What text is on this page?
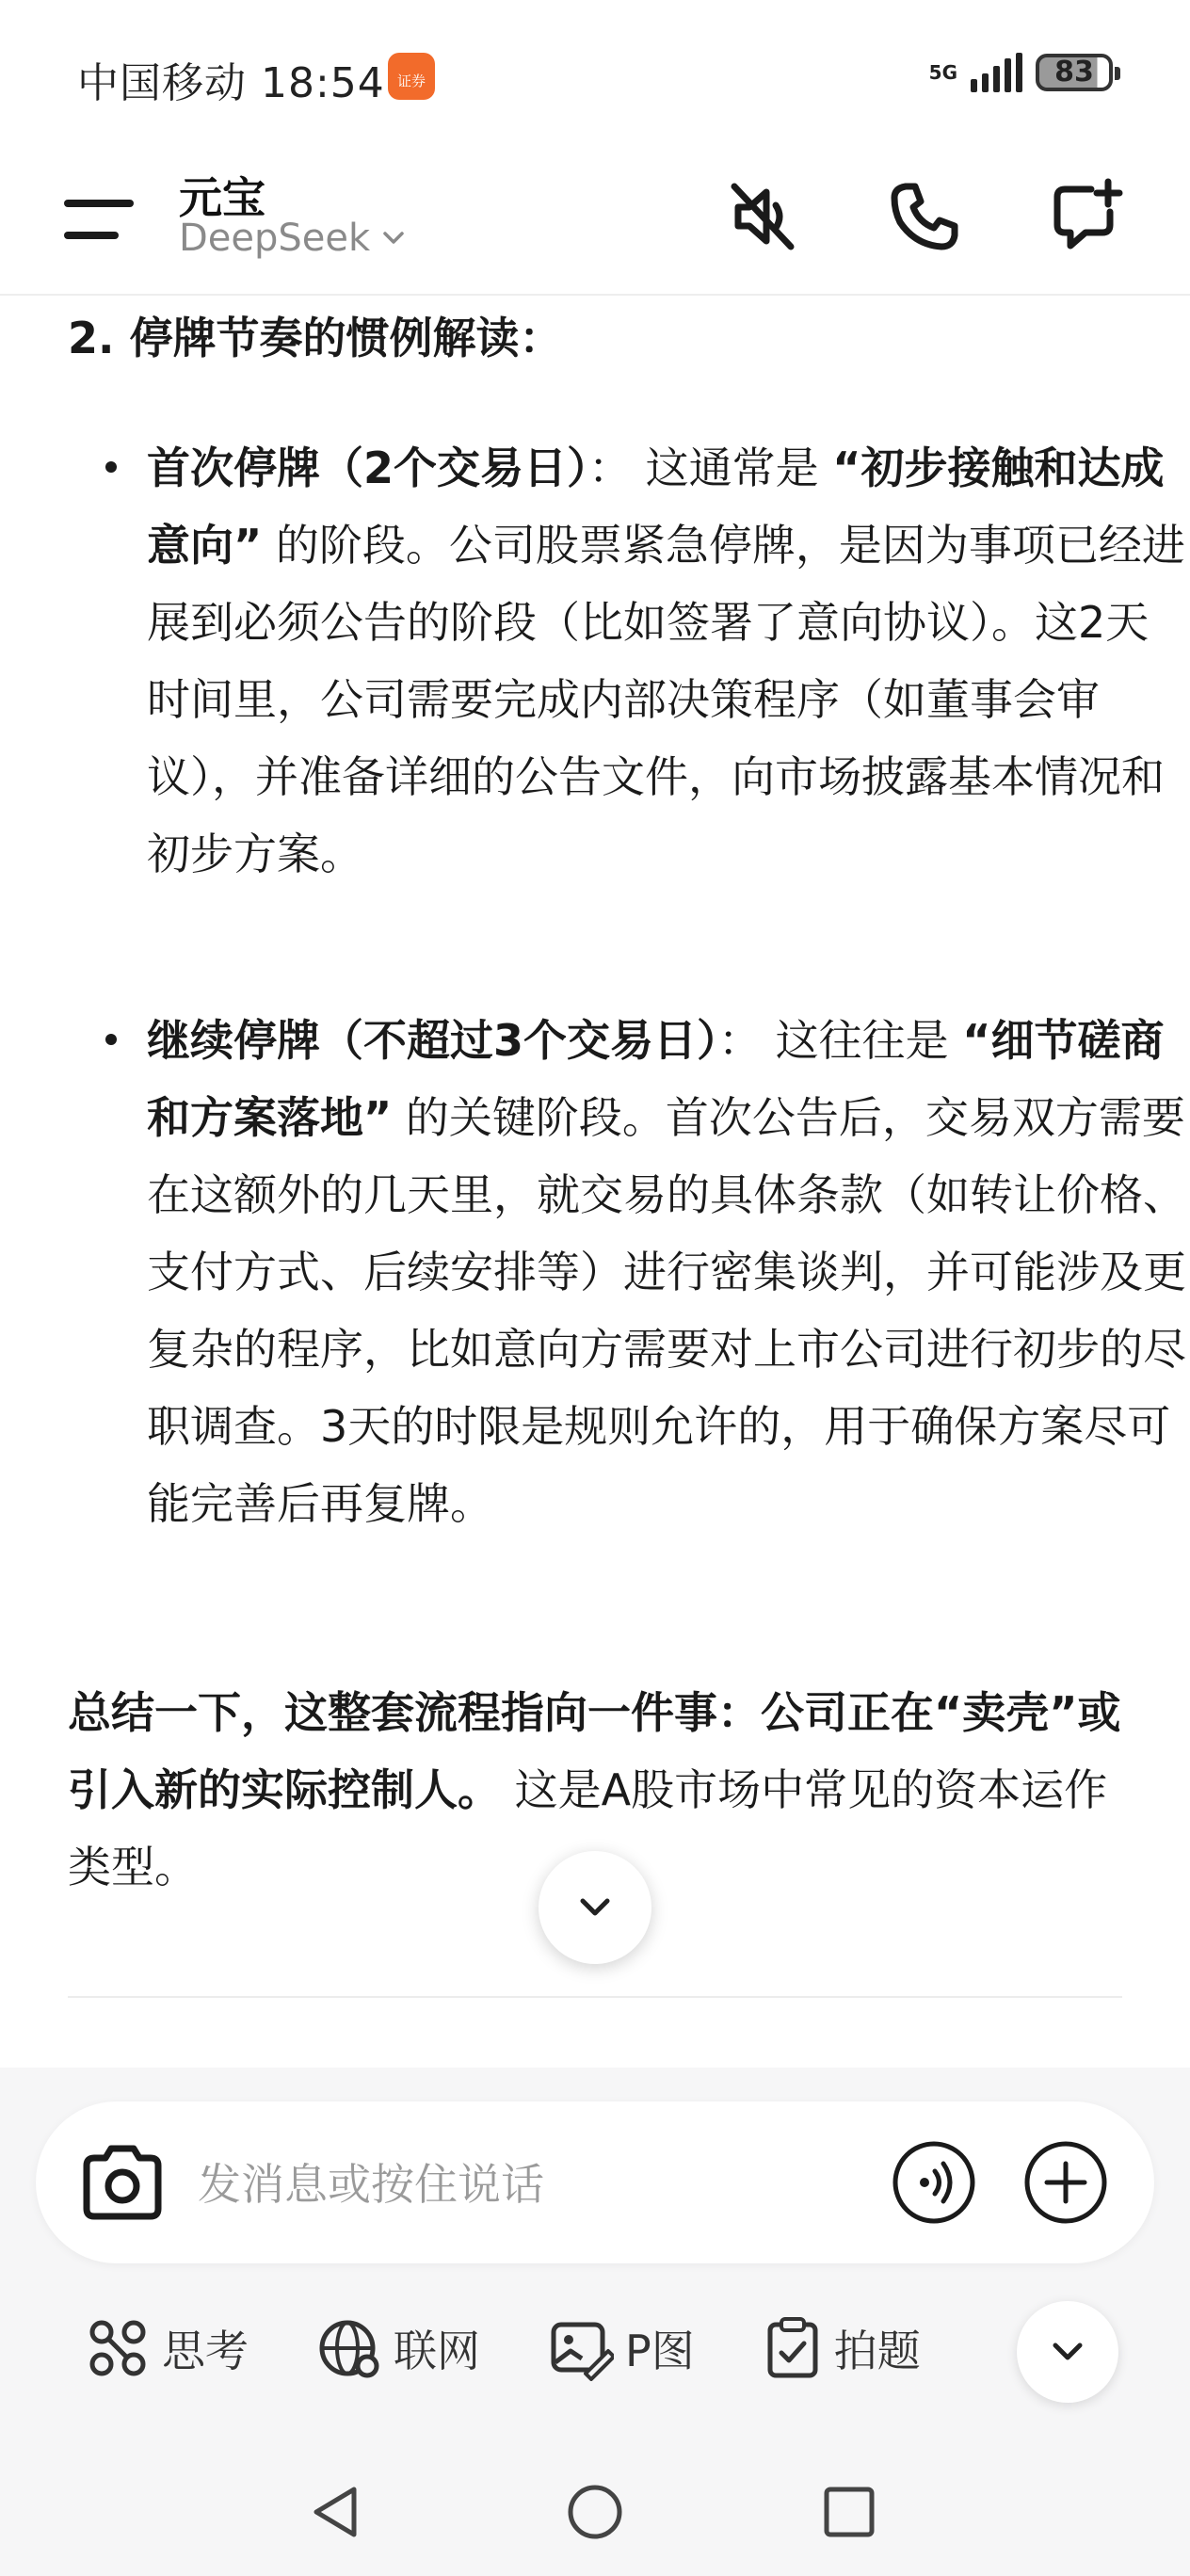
中国移动 18:54 证券	5G	83
元宝
DeepSeek
2. 停牌节奏的惯例解读：

首次停牌（2个交易日）： 这通常是 “初步接触和达成意向” 的阶段。公司股票紧急停牌，是因为事项已经进展到必须公告的阶段（比如签署了意向协议）。这2天时间里，公司需要完成内部决策程序（如董事会审议），并准备详细的公告文件，向市场披露基本情况和初步方案。

继续停牌（不超过3个交易日）： 这往往是 “细节磋商和方案落地” 的关键阶段。首次公告后，交易双方需要在这额外的几天里，就交易的具体条款（如转让价格、支付方式、后续安排等）进行密集谈判，并可能涉及更复杂的程序，比如意向方需要对上市公司进行初步的尽职调查。3天的时限是规则允许的，用于确保方案尽可能完善后再复牌。

总结一下，这整套流程指向一件事：公司正在“卖壳”或引入新的实际控制人。 这是A股市场中常见的资本运作类型。

发消息或按住说话
思考	联网	P图	拍题
